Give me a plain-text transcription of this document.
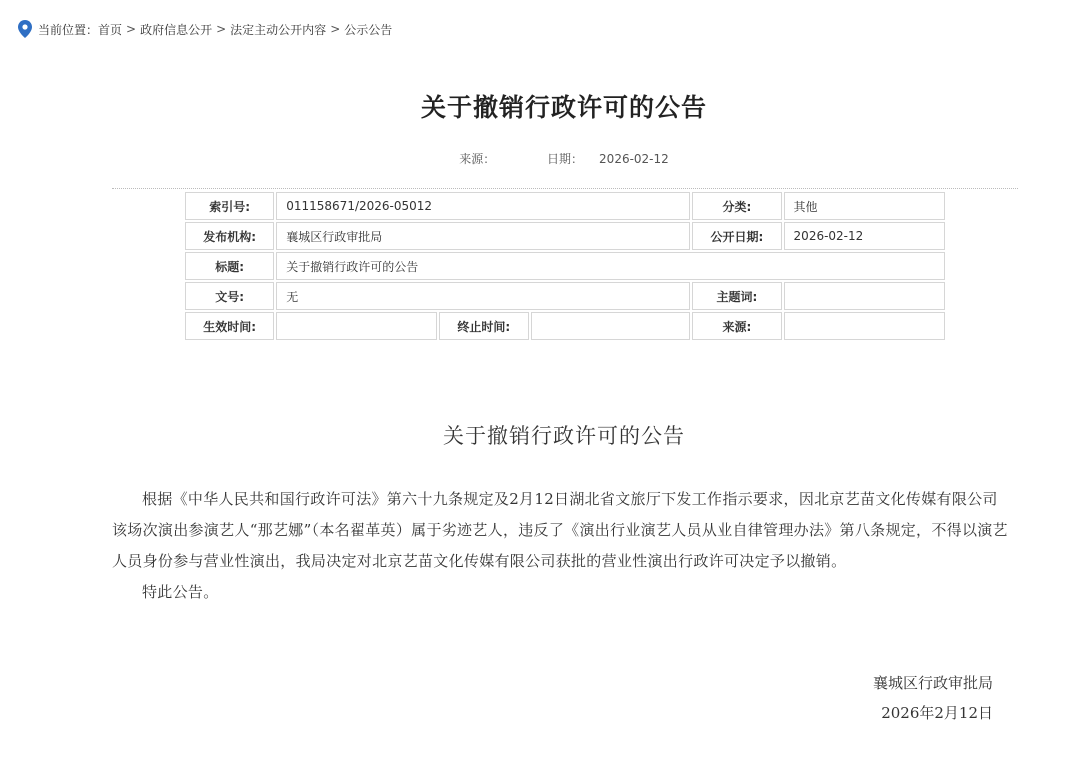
当前位置： 首页 > 政府信息公开 > 法定主动公开内容 > 公示公告
关于撤销行政许可的公告
来源：	日期： 2026-02-12
索引号:	011158671/2026-05012			分类:	其他
发布机构:	襄城区行政审批局			公开日期:	2026-02-12
标题:	关于撤销行政许可的公告				
文号:	无			主题词:	
生效时间:		终止时间:		来源:	
关于撤销行政许可的公告

根据《中华人民共和国行政许可法》第六十九条规定及2月12日湖北省文旅厅下发工作指示要求，因北京艺苗文化传媒有限公司该场次演出参演艺人“那艺娜”（本名翟革英）属于劣迹艺人，违反了《演出行业演艺人员从业自律管理办法》第八条规定，不得以演艺人员身份参与营业性演出，我局决定对北京艺苗文化传媒有限公司获批的营业性演出行政许可决定予以撤销。

特此公告。

襄城区行政审批局
2026年2月12日
